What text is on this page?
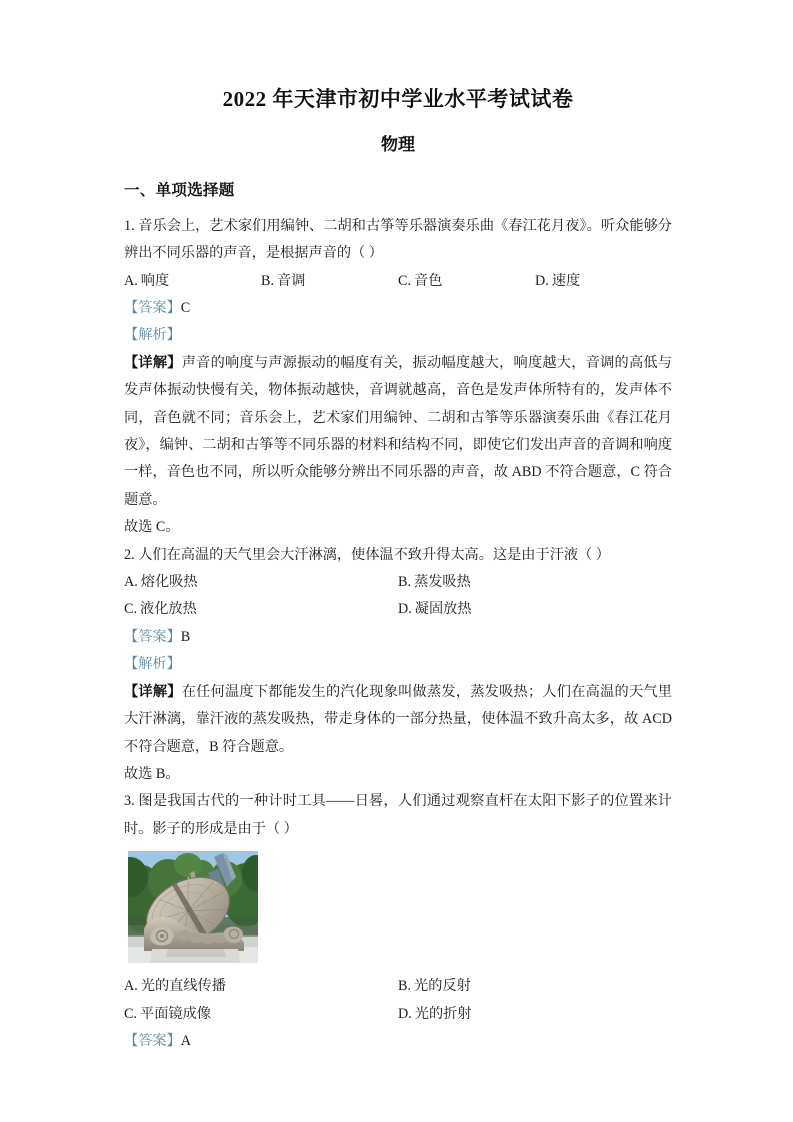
2022 年天津市初中学业水平考试试卷
物理
一、单项选择题

1. 音乐会上，艺术家们用编钟、二胡和古筝等乐器演奏乐曲《春江花月夜》。听众能够分辨出不同乐器的声音，是根据声音的（ ）

A. 响度	B. 音调	C. 音色	D. 速度

【答案】C

【解析】

【详解】声音的响度与声源振动的幅度有关，振动幅度越大，响度越大，音调的高低与发声体振动快慢有关，物体振动越快，音调就越高，音色是发声体所特有的，发声体不同，音色就不同；音乐会上，艺术家们用编钟、二胡和古筝等乐器演奏乐曲《春江花月夜》，编钟、二胡和古筝等不同乐器的材料和结构不同，即使它们发出声音的音调和响度一样，音色也不同，所以听众能够分辨出不同乐器的声音，故 ABD 不符合题意，C 符合题意。

故选 C。

2. 人们在高温的天气里会大汗淋漓，使体温不致升得太高。这是由于汗液（ ）

A. 熔化吸热	B. 蒸发吸热
C. 液化放热	D. 凝固放热

【答案】B

【解析】

【详解】在任何温度下都能发生的汽化现象叫做蒸发，蒸发吸热；人们在高温的天气里大汗淋漓，靠汗液的蒸发吸热，带走身体的一部分热量，使体温不致升高太多，故 ACD 不符合题意，B 符合题意。

故选 B。

3. 图是我国古代的一种计时工具——日晷，人们通过观察直杆在太阳下影子的位置来计时。影子的形成是由于（ ）

A. 光的直线传播	B. 光的反射
C. 平面镜成像	D. 光的折射

【答案】A
